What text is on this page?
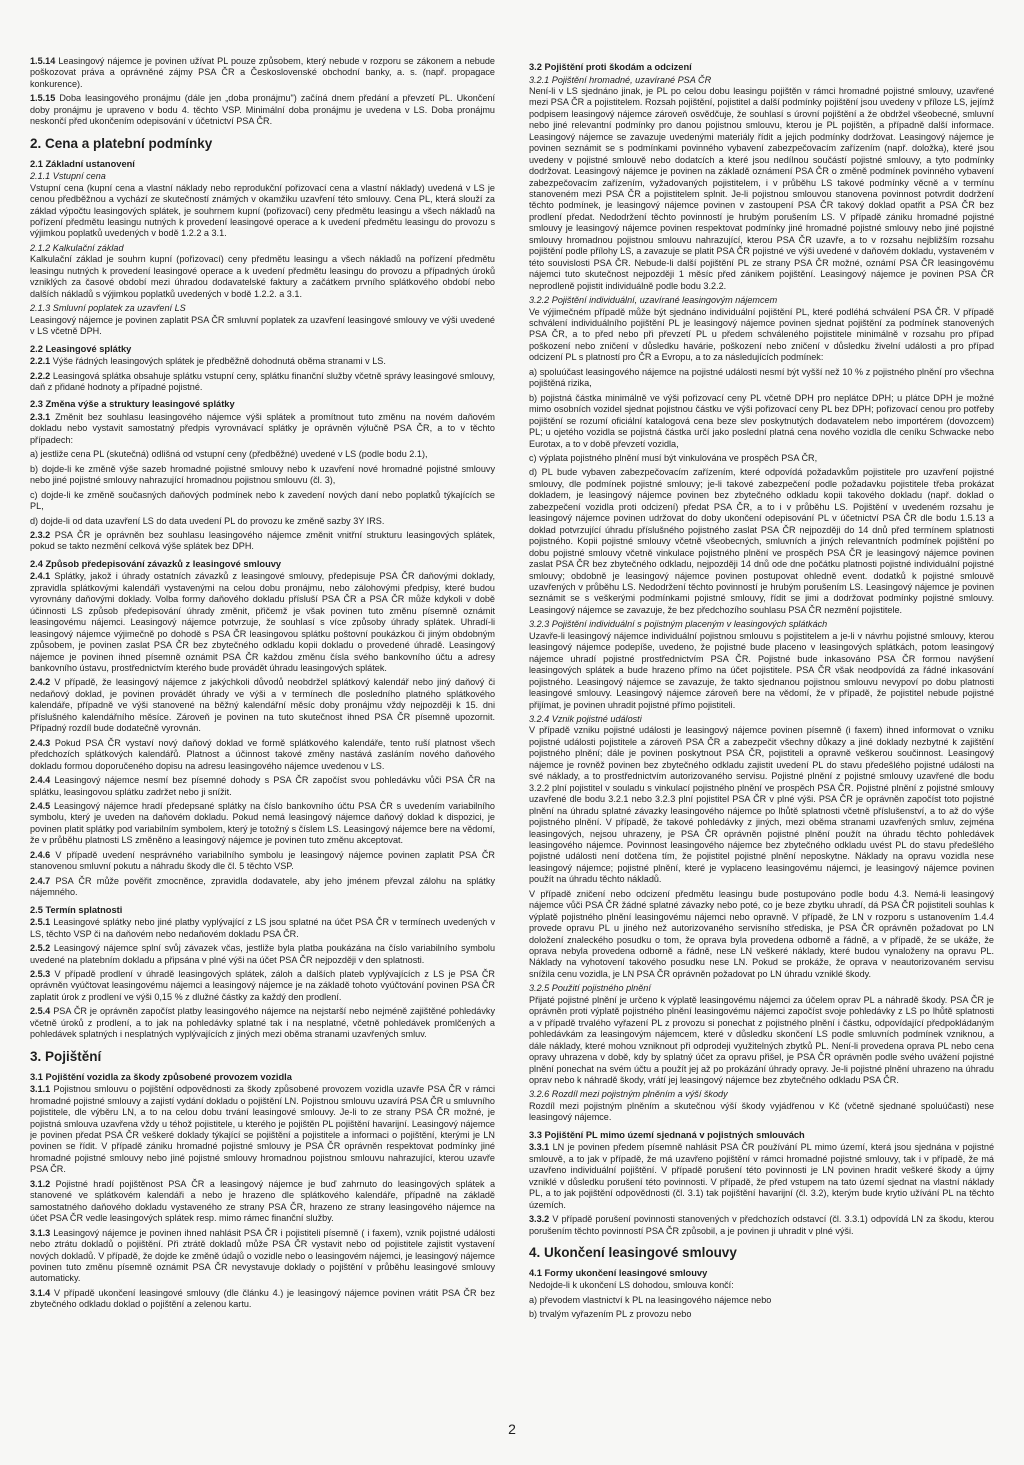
1.5.14 Leasingový nájemce je povinen užívat PL pouze způsobem, který nebude v rozporu se zákonem a nebude poškozovat práva a oprávněné zájmy PSA ČR a Československé obchodní banky, a. s. (např. propagace konkurence).

1.5.15 Doba leasingového pronájmu (dále jen „doba pronájmu") začíná dnem předání a převzetí PL. Ukončení doby pronájmu je upraveno v bodu 4. těchto VSP. Minimální doba pronájmu je uvedena v LS. Doba pronájmu neskončí před ukončením odepisování v účetnictví PSA ČR.

2. Cena a platební podmínky
2.1 Základní ustanovení
2.1.1 Vstupní cena

Vstupní cena (kupní cena a vlastní náklady nebo reprodukční pořizovací cena a vlastní náklady) uvedená v LS je cenou předběžnou a vychází ze skutečností známých v okamžiku uzavření této smlouvy. Cena PL, která slouží za základ výpočtu leasingových splátek, je souhrnem kupní (pořizovací) ceny předmětu leasingu a všech nákladů na pořízení předmětu leasingu nutných k provedení leasingové operace a k uvedení předmětu leasingu do provozu s výjimkou poplatků uvedených v bodě 1.2.2 a 3.1.

2.1.2 Kalkulační základ

Kalkulační základ je souhrn kupní (pořizovací) ceny předmětu leasingu a všech nákladů na pořízení předmětu leasingu nutných k provedení leasingové operace a k uvedení předmětu leasingu do provozu a případných úroků vzniklých za časové období mezi úhradou dodavatelské faktury a začátkem prvního splátkového období nebo dalších nákladů s výjimkou poplatků uvedených v bodě 1.2.2. a 3.1.

2.1.3 Smluvní poplatek za uzavření LS

Leasingový nájemce je povinen zaplatit PSA ČR smluvní poplatek za uzavření leasingové smlouvy ve výši uvedené v LS včetně DPH.

2.2 Leasingové splátky

2.2.1 Výše řádných leasingových splátek je předběžně dohodnutá oběma stranami v LS.

2.2.2 Leasingová splátka obsahuje splátku vstupní ceny, splátku finanční služby včetně správy leasingové smlouvy, daň z přidané hodnoty a případné pojistné.

2.3 Změna výše a struktury leasingové splátky

2.3.1 Změnit bez souhlasu leasingového nájemce výši splátek a promítnout tuto změnu na novém daňovém dokladu nebo vystavit samostatný předpis vyrovnávací splátky je oprávněn výlučně PSA ČR, a to v těchto případech:

a) jestliže cena PL (skutečná) odlišná od vstupní ceny (předběžné) uvedené v LS (podle bodu 2.1),

b) dojde-li ke změně výše sazeb hromadné pojistné smlouvy nebo k uzavření nové hromadné pojistné smlouvy nebo jiné pojistné smlouvy nahrazující hromadnou pojistnou smlouvu (čl. 3),

c) dojde-li ke změně současných daňových podmínek nebo k zavedení nových daní nebo poplatků týkajících se PL,

d) dojde-li od data uzavření LS do data uvedení PL do provozu ke změně sazby 3Y IRS.

2.3.2 PSA ČR je oprávněn bez souhlasu leasingového nájemce změnit vnitřní strukturu leasingových splátek, pokud se takto nezmění celková výše splátek bez DPH.

2.4 Způsob předepisování závazků z leasingové smlouvy

2.4.1 Splátky, jakož i úhrady ostatních závazků z leasingové smlouvy, předepisuje PSA ČR daňovými doklady, zpravidla splátkovými kalendáři vystavenými na celou dobu pronájmu, nebo zálohovými předpisy, které budou vyrovnány daňovými doklady. Volba formy daňového dokladu přísluší PSA ČR a PSA ČR může kdykoli v době účinnosti LS způsob předepisování úhrady změnit, přičemž je však povinen tuto změnu písemně oznámit leasingovému nájemci. Leasingový nájemce potvrzuje, že souhlasí s více způsoby úhrady splátek. Uhradí-li leasingový nájemce výjimečně po dohodě s PSA ČR leasingovou splátku poštovní poukázkou či jiným obdobným způsobem, je povinen zaslat PSA ČR bez zbytečného odkladu kopii dokladu o provedené úhradě. Leasingový nájemce je povinen ihned písemně oznámit PSA ČR každou změnu čísla svého bankovního účtu a adresy bankovního ústavu, prostřednictvím kterého bude provádět úhradu leasingových splátek.

2.4.2 V případě, že leasingový nájemce z jakýchkoli důvodů neobdržel splátkový kalendář nebo jiný daňový či nedaňový doklad, je povinen provádět úhrady ve výši a v termínech dle posledního platného splátkového kalendáře, případně ve výši stanovené na běžný kalendářní měsíc doby pronájmu vždy nejpozději k 15. dni příslušného kalendářního měsíce. Zároveň je povinen na tuto skutečnost ihned PSA ČR písemně upozornit. Případný rozdíl bude dodatečně vyrovnán.

2.4.3 Pokud PSA ČR vystaví nový daňový doklad ve formě splátkového kalendáře, tento ruší platnost všech předchozích splátkových kalendářů. Platnost a účinnost takové změny nastává zasláním nového daňového dokladu formou doporučeného dopisu na adresu leasingového nájemce uvedenou v LS.

2.4.4 Leasingový nájemce nesmí bez písemné dohody s PSA ČR započíst svou pohledávku vůči PSA ČR na splátku, leasingovou splátku zadržet nebo ji snížit.

2.4.5 Leasingový nájemce hradí předepsané splátky na číslo bankovního účtu PSA ČR s uvedením variabilního symbolu, který je uveden na daňovém dokladu. Pokud nemá leasingový nájemce daňový doklad k dispozici, je povinen platit splátky pod variabilním symbolem, který je totožný s číslem LS. Leasingový nájemce bere na vědomí, že v průběhu platnosti LS změněno a leasingový nájemce je povinen tuto změnu akceptovat.

2.4.6 V případě uvedení nesprávného variabilního symbolu je leasingový nájemce povinen zaplatit PSA ČR stanovenou smluvní pokutu a náhradu škody dle čl. 5 těchto VSP.

2.4.7 PSA ČR může pověřit zmocněnce, zpravidla dodavatele, aby jeho jménem převzal zálohu na splátky nájemného.

2.5 Termín splatnosti

2.5.1 Leasingové splátky nebo jiné platby vyplývající z LS jsou splatné na účet PSA ČR v termínech uvedených v LS, těchto VSP či na daňovém nebo nedaňovém dokladu PSA ČR.

2.5.2 Leasingový nájemce splní svůj závazek včas, jestliže byla platba poukázána na číslo variabilního symbolu uvedené na platebním dokladu a připsána v plné výši na účet PSA ČR nejpozději v den splatnosti.

2.5.3 V případě prodlení v úhradě leasingových splátek, záloh a dalších plateb vyplývajících z LS je PSA ČR oprávněn vyúčtovat leasingovému nájemci a leasingový nájemce je na základě tohoto vyúčtování povinen PSA ČR zaplatit úrok z prodlení ve výši 0,15 % z dlužné částky za každý den prodlení.

2.5.4 PSA ČR je oprávněn započíst platby leasingového nájemce na nejstarší nebo nejméně zajištěné pohledávky včetně úroků z prodlení, a to jak na pohledávky splatné tak i na nesplatné, včetně pohledávek promlčených a pohledávek splatných i nesplatných vyplývajících z jiných mezi oběma stranami uzavřených smluv.

3. Pojištění
3.1 Pojištění vozidla za škody způsobené provozem vozidla

3.1.1 Pojistnou smlouvu o pojištění odpovědnosti za škody způsobené provozem vozidla uzavře PSA ČR v rámci hromadné pojistné smlouvy a zajistí vydání dokladu o pojištění LN. Pojistnou smlouvu uzavírá PSA ČR u smluvního pojistitele, dle výběru LN, a to na celou dobu trvání leasingové smlouvy. Je-li to ze strany PSA ČR možné, je pojistná smlouva uzavřena vždy u téhož pojistitele, u kterého je pojištěn PL pojištění havarijní. Leasingový nájemce je povinen předat PSA ČR veškeré doklady týkající se pojištění a pojistitele a informaci o pojištění, kterými je LN povinen se řídit. V případě zániku hromadné pojistné smlouvy je PSA ČR oprávněn respektovat podmínky jiné hromadné pojistné smlouvy nebo jiné pojistné smlouvy hromadnou pojistnou smlouvu nahrazující, kterou uzavře PSA ČR.

3.1.2 Pojistné hradí pojištěnost PSA ČR a leasingový nájemce je buď zahrnuto do leasingových splátek a stanovené ve splátkovém kalendáři a nebo je hrazeno dle splátkového kalendáře, případně na základě samostatného daňového dokladu vystaveného ze strany PSA ČR, hrazeno ze strany leasingového nájemce na účet PSA ČR vedle leasingových splátek resp. mimo rámec finanční služby.

3.1.3 Leasingový nájemce je povinen ihned nahlásit PSA ČR i pojistiteli písemně ( i faxem), vznik pojistné události nebo ztrátu dokladů o pojištění. Při ztrátě dokladů může PSA ČR vystavit nebo od pojistitele zajistit vystavení nových dokladů. V případě, že dojde ke změně údajů o vozidle nebo o leasingovém nájemci, je leasingový nájemce povinen tuto změnu písemně oznámit PSA ČR nevystavuje doklady o pojištění v průběhu leasingové smlouvy automaticky.

3.1.4 V případě ukončení leasingové smlouvy (dle článku 4.) je leasingový nájemce povinen vrátit PSA ČR bez zbytečného odkladu doklad o pojištění a zelenou kartu.

3.2 Pojištění proti škodám a odcizení
3.2.1 Pojištění hromadné, uzavírané PSA ČR

Není-li v LS sjednáno jinak, je PL po celou dobu leasingu pojištěn v rámci hromadné pojistné smlouvy, uzavřené mezi PSA ČR a pojistitelem. Rozsah pojištění, pojistitel a další podmínky pojištění jsou uvedeny v příloze LS, jejímž podpisem leasingový nájemce zároveň osvědčuje, že souhlasí s úrovní pojištění a že obdržel všeobecné, smluvní nebo jiné relevantní podmínky pro danou pojistnou smlouvu, kterou je PL pojištěn, a případně další informace. Leasingový nájemce se zavazuje uvedenými materiály řídit a jejich podmínky dodržovat. Leasingový nájemce je povinen seznámit se s podmínkami povinného vybavení zabezpečovacím zařízením (např. doložka), které jsou uvedeny v pojistné smlouvě nebo dodatcích a které jsou nedílnou součástí pojistné smlouvy, a tyto podmínky dodržovat. Leasingový nájemce je povinen na základě oznámení PSA ČR o změně podmínek povinného vybavení zabezpečovacím zařízením, vyžadovaných pojistitelem, i v průběhu LS takové podmínky věcně a v termínu stanoveném mezi PSA ČR a pojistitelem splnit. Je-li pojistnou smlouvou stanovena povinnost potvrdit dodržení těchto podmínek, je leasingový nájemce povinen v zastoupení PSA ČR takový doklad opatřit a PSA ČR bez prodlení předat. Nedodržení těchto povinností je hrubým porušením LS. V případě zániku hromadné pojistné smlouvy je leasingový nájemce povinen respektovat podmínky jiné hromadné pojistné smlouvy nebo jiné pojistné smlouvy hromadnou pojistnou smlouvu nahrazující, kterou PSA ČR uzavře, a to v rozsahu nejbližším rozsahu pojištění podle přílohy LS, a zavazuje se platit PSA ČR pojistné ve výši uvedené v daňovém dokladu, vystaveném v této souvislosti PSA ČR. Nebude-li další pojištění PL ze strany PSA ČR možné, oznámí PSA ČR leasingovému nájemci tuto skutečnost nejpozději 1 měsíc před zánikem pojištění. Leasingový nájemce je povinen PSA ČR neprodleně pojistit individuálně podle bodu 3.2.2.

3.2.2 Pojištění individuální, uzavírané leasingovým nájemcem

Ve výjimečném případě může být sjednáno individuální pojištění PL, které podléhá schválení PSA ČR. V případě schválení individuálního pojištění PL je leasingový nájemce povinen sjednat pojištění za podmínek stanovených PSA ČR, a to před nebo při převzetí PL u předem schváleného pojistitele minimálně v rozsahu pro případ poškození nebo zničení v důsledku havárie, poškození nebo zničení v důsledku živelní události a pro případ odcizení PL s platností pro ČR a Evropu, a to za následujících podmínek:

a) spoluúčast leasingového nájemce na pojistné události nesmí být vyšší než 10 % z pojistného plnění pro všechna pojištěná rizika,

b) pojistná částka minimálně ve výši pořizovací ceny PL včetně DPH pro neplátce DPH; u plátce DPH je možné mimo osobních vozidel sjednat pojistnou částku ve výši pořizovací ceny PL bez DPH; pořizovací cenou pro potřeby pojištění se rozumí oficiální katalogová cena beze slev poskytnutých dodavatelem nebo importérem (dovozcem) PL; u ojetého vozidla se pojistná částka určí jako poslední platná cena nového vozidla dle ceníku Schwacke nebo Eurotax, a to v době převzetí vozidla,

c) výplata pojistného plnění musí být vinkulována ve prospěch PSA ČR,

d) PL bude vybaven zabezpečovacím zařízením, které odpovídá požadavkům pojistitele pro uzavření pojistné smlouvy, dle podmínek pojistné smlouvy; je-li takové zabezpečení podle požadavku pojistitele třeba prokázat dokladem, je leasingový nájemce povinen bez zbytečného odkladu kopii takového dokladu (např. doklad o zabezpečení vozidla proti odcizení) předat PSA ČR, a to i v průběhu LS. Pojištění v uvedeném rozsahu je leasingový nájemce povinen udržovat do doby ukončení odepisování PL v účetnictví PSA ČR dle bodu 1.5.13 a doklad potvrzující úhradu příslušného pojistného zaslat PSA ČR nejpozději do 14 dnů před termínem splatnosti pojistného. Kopii pojistné smlouvy včetně všeobecných, smluvních a jiných relevantních podmínek pojištění po dobu pojistné smlouvy včetně vinkulace pojistného plnění ve prospěch PSA ČR je leasingový nájemce povinen zaslat PSA ČR bez zbytečného odkladu, nejpozději 14 dnů ode dne počátku platnosti pojistné individuální pojistné smlouvy; obdobně je leasingový nájemce povinen postupovat ohledně event. dodatků k pojistné smlouvě uzavřených v průběhu LS. Nedodržení těchto povinností je hrubým porušením LS. Leasingový nájemce je povinen seznámit se s veškerými podmínkami pojistné smlouvy, řídit se jimi a dodržovat podmínky pojistné smlouvy. Leasingový nájemce se zavazuje, že bez předchozího souhlasu PSA ČR nezmění pojistitele.

3.2.3 Pojištění individuální s pojistným placeným v leasingových splátkách

Uzavře-li leasingový nájemce individuální pojistnou smlouvu s pojistitelem a je-li v návrhu pojistné smlouvy, kterou leasingový nájemce podepíše, uvedeno, že pojistné bude placeno v leasingových splátkách, potom leasingový nájemce uhradí pojistné prostřednictvím PSA ČR. Pojistné bude inkasováno PSA ČR formou navýšení leasingových splátek a bude hrazeno přímo na účet pojistitele. PSA ČR však neodpovídá za řádné inkasování pojistného. Leasingový nájemce se zavazuje, že takto sjednanou pojistnou smlouvu nevypoví po dobu platnosti leasingové smlouvy. Leasingový nájemce zároveň bere na vědomí, že v případě, že pojistitel nebude pojistné přijímat, je povinen uhradit pojistné přímo pojistiteli.

3.2.4 Vznik pojistné události

V případě vzniku pojistné události je leasingový nájemce povinen písemně (i faxem) ihned informovat o vzniku pojistné události pojistitele a zároveň PSA ČR a zabezpečit všechny důkazy a jiné doklady nezbytné k zajištění pojistného plnění; dále je povinen poskytnout PSA ČR, pojistiteli a opravně veškerou součinnost. Leasingový nájemce je rovněž povinen bez zbytečného odkladu zajistit uvedení PL do stavu předešlého pojistné události na své náklady, a to prostřednictvím autorizovaného servisu. Pojistné plnění z pojistné smlouvy uzavřené dle bodu 3.2.2 plní pojistitel v souladu s vinkulací pojistného plnění ve prospěch PSA ČR. Pojistné plnění z pojistné smlouvy uzavřené dle bodu 3.2.1 nebo 3.2.3 plní pojistitel PSA ČR v plné výši. PSA ČR je oprávněn započíst toto pojistné plnění na úhradu splatné závazky leasingového nájemce po lhůtě splatnosti včetně příslušenství, a to až do výše pojistného plnění. V případě, že takové pohledávky z jiných, mezi oběma stranami uzavřených smluv, zejména leasingových, nejsou uhrazeny, je PSA ČR oprávněn pojistné plnění použít na úhradu těchto pohledávek leasingového nájemce. Povinnost leasingového nájemce bez zbytečného odkladu uvést PL do stavu předešlého pojistné události není dotčena tím, že pojistitel pojistné plnění neposkytne. Náklady na opravu vozidla nese leasingový nájemce; pojistné plnění, které je vyplaceno leasingovému nájemci, je leasingový nájemce povinen použít na úhradu těchto nákladů.

V případě zničení nebo odcizení předmětu leasingu bude postupováno podle bodu 4.3. Nemá-li leasingový nájemce vůči PSA ČR žádné splatné závazky nebo poté, co je beze zbytku uhradí, dá PSA ČR pojistiteli souhlas k výplatě pojistného plnění leasingovému nájemci nebo opravně. V případě, že LN v rozporu s ustanovením 1.4.4 provede opravu PL u jiného než autorizovaného servisního střediska, je PSA ČR oprávněn požadovat po LN doložení znaleckého posudku o tom, že oprava byla provedena odborně a řádně, a v případě, že se ukáže, že oprava nebyla provedena odborně a řádně, nese LN veškeré náklady, které budou vynaloženy na opravu PL. Náklady na vyhotovení takového posudku nese LN. Pokud se prokáže, že oprava v neautorizovaném servisu snížila cenu vozidla, je LN PSA ČR oprávněn požadovat po LN úhradu vzniklé škody.

3.2.5 Použití pojistného plnění

Přijaté pojistné plnění je určeno k výplatě leasingovému nájemci za účelem oprav PL a náhradě škody. PSA ČR je oprávněn proti výplatě pojistného plnění leasingovému nájemci započíst svoje pohledávky z LS po lhůtě splatnosti a v případě trvalého vyřazení PL z provozu si ponechat z pojistného plnění i částku, odpovídající předpokládaným pohledávkám za leasingovým nájemcem, které v důsledku skončení LS podle smluvních podmínek vzniknou, a dále náklady, které mohou vzniknout při odprodeji využitelných zbytků PL. Není-li provedena oprava PL nebo cena opravy uhrazena v době, kdy by splatný účet za opravu přišel, je PSA ČR oprávněn podle svého uvážení pojistné plnění ponechat na svém účtu a použít jej až po prokázání úhrady opravy. Je-li pojistné plnění uhrazeno na úhradu oprav nebo k náhradě škody, vrátí jej leasingový nájemce bez zbytečného odkladu PSA ČR.

3.2.6 Rozdíl mezi pojistným plněním a výší škody

Rozdíl mezi pojistným plněním a skutečnou výší škody vyjádřenou v Kč (včetně sjednané spoluúčasti) nese leasingový nájemce.

3.3 Pojištění PL mimo území sjednaná v pojistných smlouvách

3.3.1 LN je povinen předem písemně nahlásit PSA ČR používání PL mimo území, která jsou sjednána v pojistné smlouvě, a to jak v případě, že má uzavřeno pojištění v rámci hromadné pojistné smlouvy, tak i v případě, že má uzavřeno individuální pojištění. V případě porušení této povinnosti je LN povinen hradit veškeré škody a újmy vzniklé v důsledku porušení této povinnosti. V případě, že před vstupem na tato území sjednat na vlastní náklady PL, a to jak pojištění odpovědnosti (čl. 3.1) tak pojištění havarijní (čl. 3.2), kterým bude krytio užívání PL na těchto územích.

3.3.2 V případě porušení povinnosti stanovených v předchozích odstavcí (čl. 3.3.1) odpovídá LN za škodu, kterou porušením těchto povinností PSA ČR způsobil, a je povinen ji uhradit v plné výši.

4. Ukončení leasingové smlouvy
4.1 Formy ukončení leasingové smlouvy

Nedojde-li k ukončení LS dohodou, smlouva končí:

a) převodem vlastnictví k PL na leasingového nájemce nebo

b) trvalým vyřazením PL z provozu nebo

2
